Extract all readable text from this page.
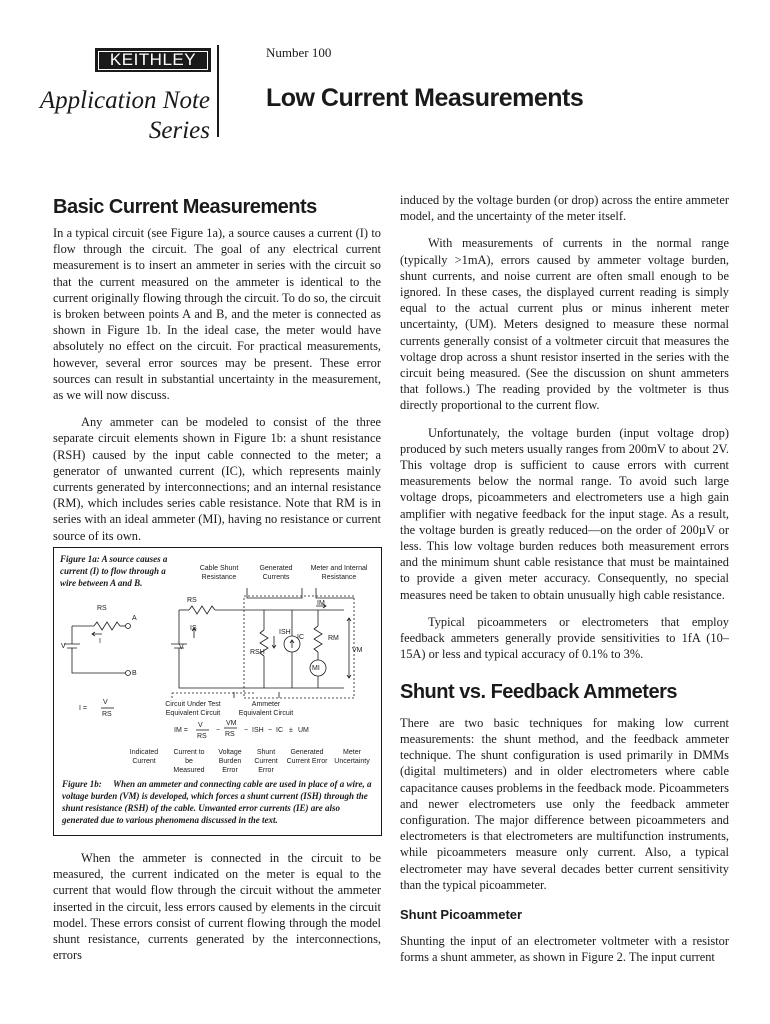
KEITHLEY
Application Note
Series
Number 100
Low Current Measurements
Basic Current Measurements

In a typical circuit (see Figure 1a), a source causes a current (I) to flow through the circuit. The goal of any electrical current measurement is to insert an ammeter in series with the circuit so that the current measured on the ammeter is identical to the current originally flowing through the circuit. To do so, the circuit is broken between points A and B, and the meter is connected as shown in Figure 1b. In the ideal case, the meter would have absolutely no effect on the circuit. For practical measurements, however, several error sources may be present. These error sources can result in substantial uncertainty in the measurement, as we will now discuss.

Any ammeter can be modeled to consist of the three separate circuit elements shown in Figure 1b: a shunt resistance (RSH) caused by the input cable connected to the meter; a generator of unwanted current (IC), which represents mainly currents generated by interconnections; and an internal resistance (RM), which includes series cable resistance. Note that RM is in series with an ideal ammeter (MI), having no resistance or current source of its own.

Figure 1a: A source causes a current (I) to flow through a wire between A and B.
Cable Shunt Resistance
Generated Currents
Meter and Internal Resistance
RS
A
B
I
V
RS
IS
V
RSH
ISH
IC
IM
RM
VM
MI
I =
V
RS
Circuit Under Test Equivalent Circuit
Ammeter Equivalent Circuit
IM =
V
RS
−
VM
RS
− ISH − IC ± UM
Indicated Current
Current to be Measured
Voltage Burden Error
Shunt Current Error
Generated Current Error
Meter Uncertainty
Figure 1b: When an ammeter and connecting cable are used in place of a wire, a voltage burden (VM) is developed, which forces a shunt current (ISH) through the shunt resistance (RSH) of the cable. Unwanted error currents (IE) are also generated due to various phenomena discussed in the text.

When the ammeter is connected in the circuit to be measured, the current indicated on the meter is equal to the current that would flow through the circuit without the ammeter inserted in the circuit, less errors caused by elements in the circuit model. These errors consist of current flowing through the model shunt resistance, currents generated by the interconnections, errors

induced by the voltage burden (or drop) across the entire ammeter model, and the uncertainty of the meter itself.

With measurements of currents in the normal range (typically >1mA), errors caused by ammeter voltage burden, shunt currents, and noise current are often small enough to be ignored. In these cases, the displayed current reading is simply equal to the actual current plus or minus inherent meter uncertainty, (UM). Meters designed to measure these normal currents generally consist of a voltmeter circuit that measures the voltage drop across a shunt resistor inserted in the series with the circuit being measured. (See the discussion on shunt ammeters that follows.) The reading provided by the voltmeter is thus directly proportional to the current flow.

Unfortunately, the voltage burden (input voltage drop) produced by such meters usually ranges from 200mV to about 2V. This voltage drop is sufficient to cause errors with current measurements below the normal range. To avoid such large voltage drops, picoammeters and electrometers use a high gain amplifier with negative feedback for the input stage. As a result, the voltage burden is greatly reduced—on the order of 200µV or less. This low voltage burden reduces both measurement errors and the minimum shunt cable resistance that must be maintained to provide a given meter accuracy. Consequently, no special measures need be taken to obtain unusually high cable resistance.

Typical picoammeters or electrometers that employ feedback ammeters generally provide sensitivities to 1fA (10–15A) or less and typical accuracy of 0.1% to 3%.

Shunt vs. Feedback Ammeters

There are two basic techniques for making low current measurements: the shunt method, and the feedback ammeter technique. The shunt configuration is used primarily in DMMs (digital multimeters) and in older electrometers where cable capacitance causes problems in the feedback mode. Picoammeters and newer electrometers use only the feedback ammeter configuration. The major difference between picoammeters and electrometers is that electrometers are multifunction instruments, while picoammeters measure only current. Also, a typical electrometer may have several decades better current sensitivity than the typical picoammeter.

Shunt Picoammeter

Shunting the input of an electrometer voltmeter with a resistor forms a shunt ammeter, as shown in Figure 2. The input current
